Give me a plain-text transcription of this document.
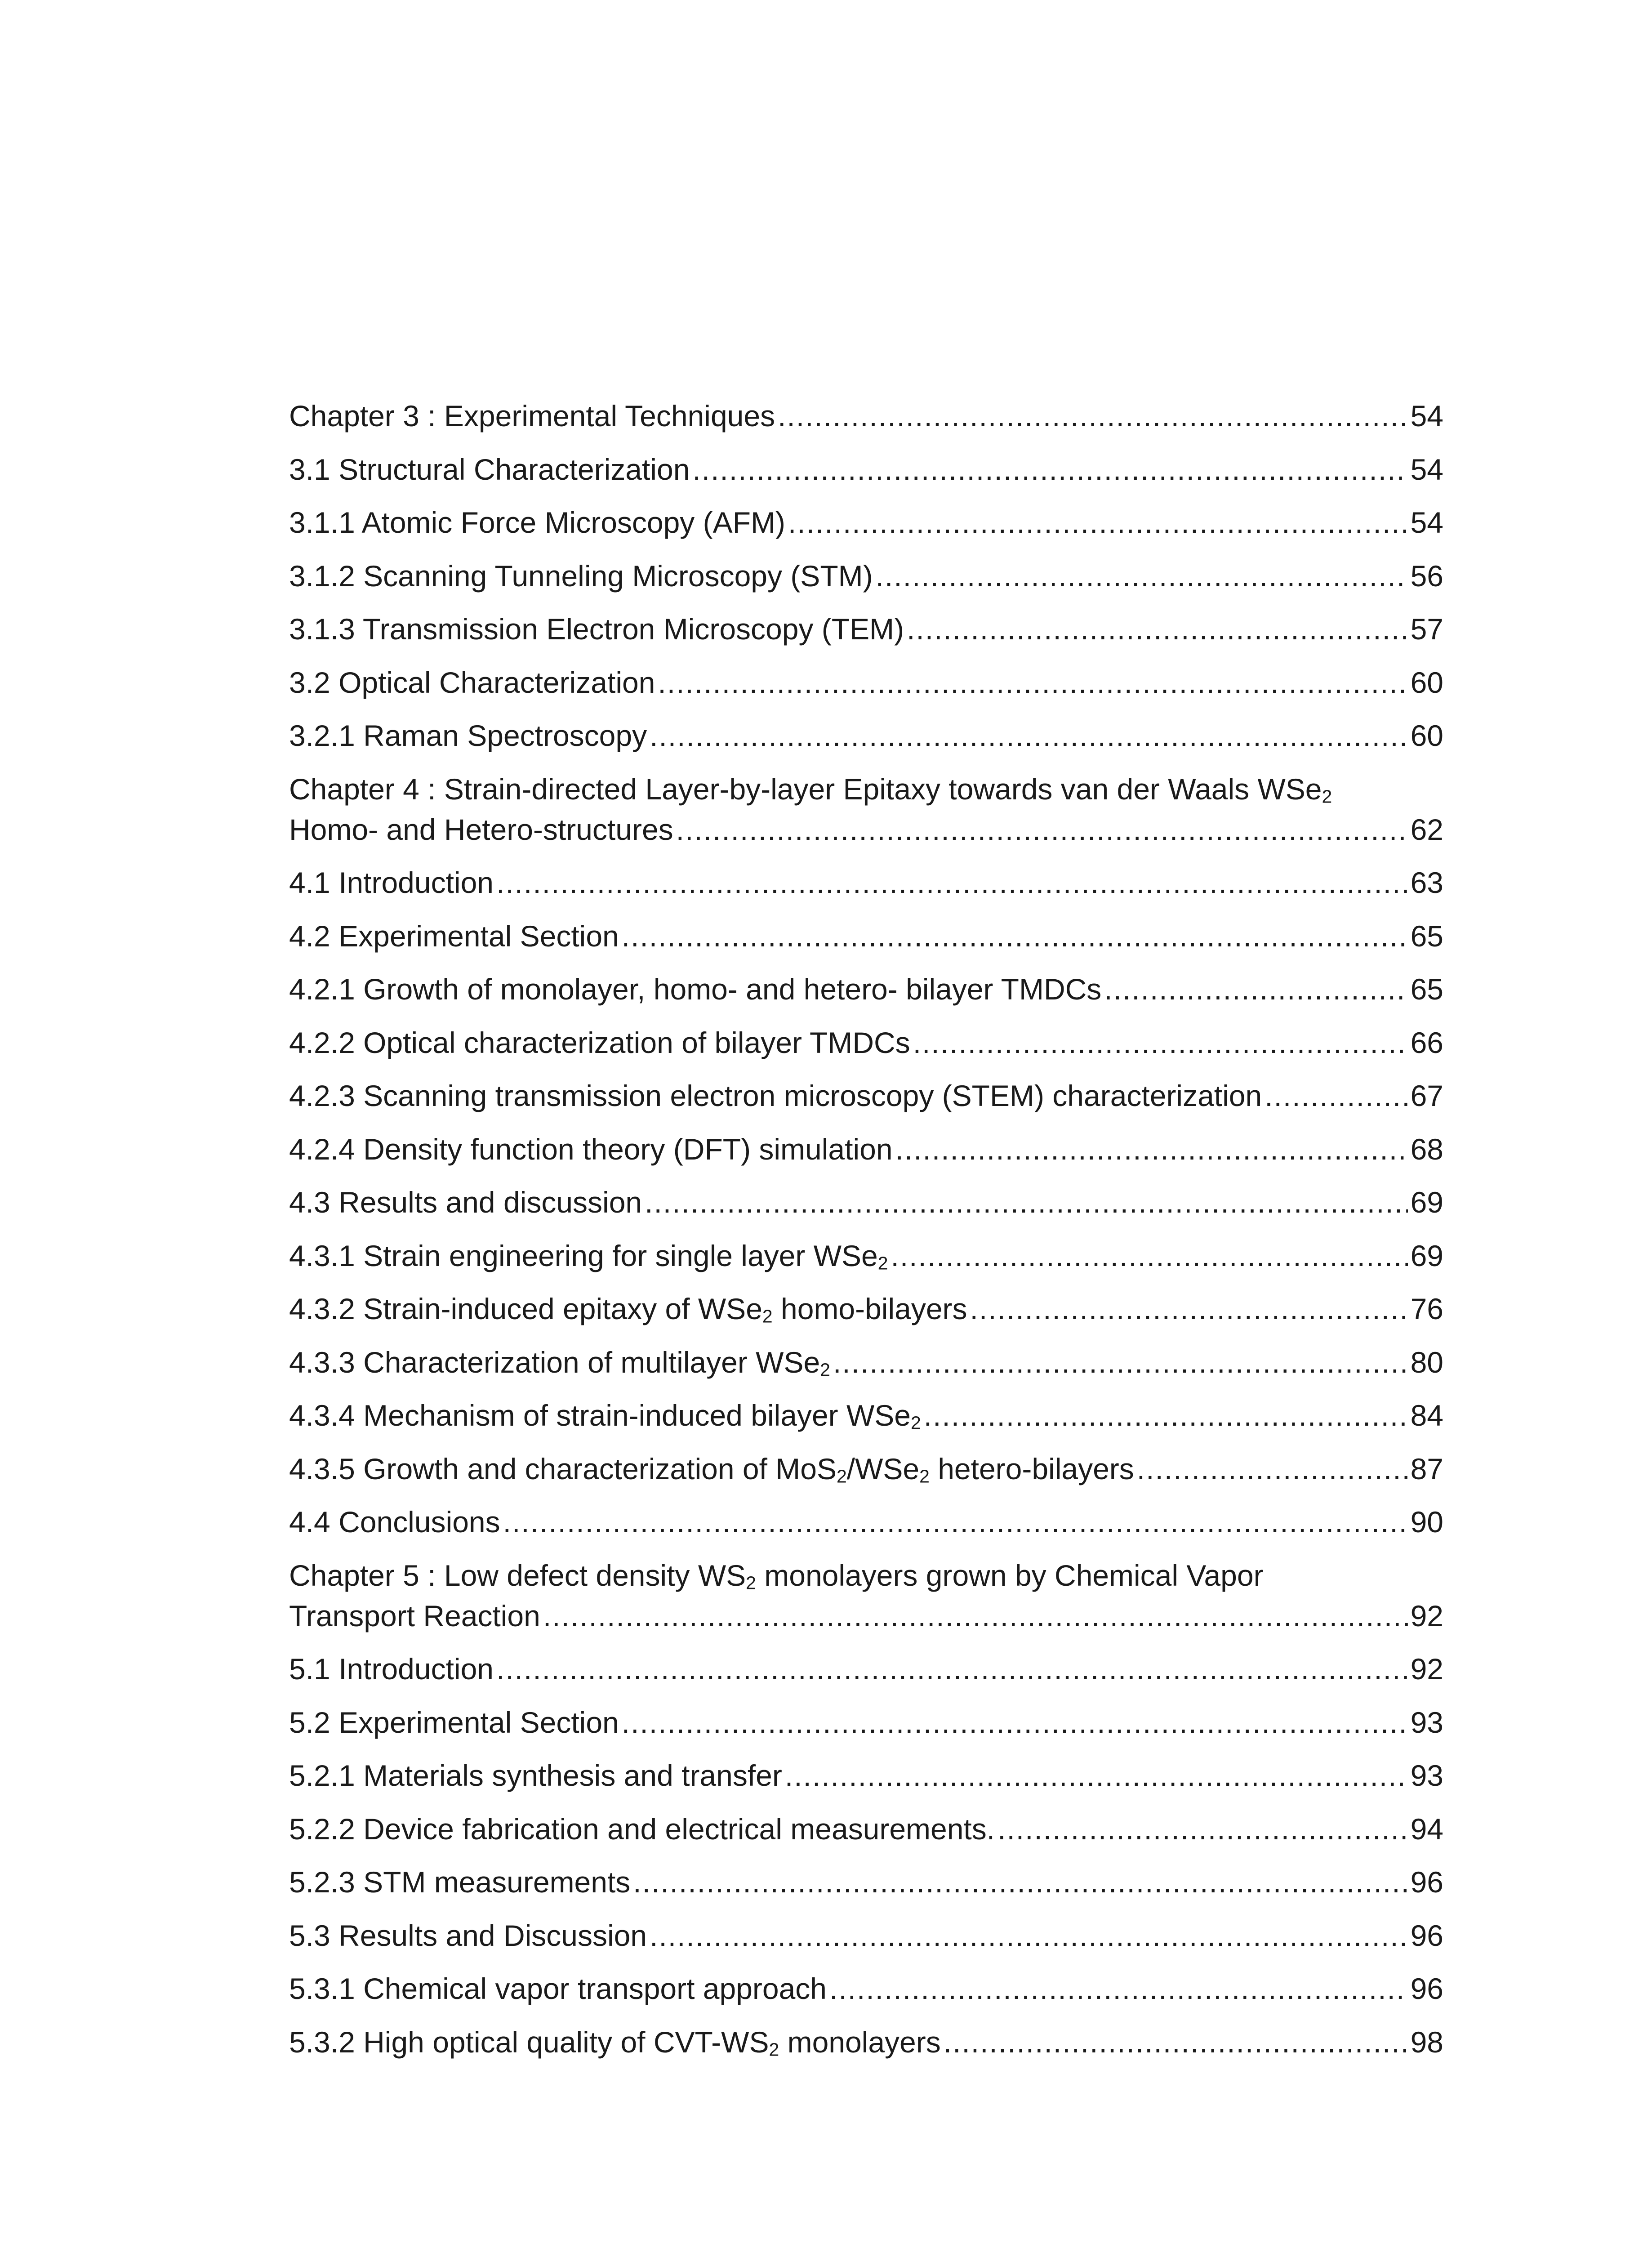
Chapter 3 : Experimental Techniques .....	54
3.1 Structural Characterization .....	54
3.1.1 Atomic Force Microscopy (AFM) .....	54
3.1.2 Scanning Tunneling Microscopy (STM) .....	56
3.1.3 Transmission Electron Microscopy (TEM) .....	57
3.2 Optical Characterization .....	60
3.2.1 Raman Spectroscopy .....	60
Chapter 4 : Strain-directed Layer-by-layer Epitaxy towards van der Waals WSe$_2$
Homo- and Hetero-structures .....	62
4.1 Introduction .....	63
4.2 Experimental Section .....	65
4.2.1 Growth of monolayer, homo- and hetero- bilayer TMDCs .....	65
4.2.2 Optical characterization of bilayer TMDCs .....	66
4.2.3 Scanning transmission electron microscopy (STEM) characterization .....	67
4.2.4 Density function theory (DFT) simulation .....	68
4.3 Results and discussion .....	69
4.3.1 Strain engineering for single layer WSe$_2$ .....	69
4.3.2 Strain-induced epitaxy of WSe$_2$ homo-bilayers .....	76
4.3.3 Characterization of multilayer WSe$_2$ .....	80
4.3.4 Mechanism of strain-induced bilayer WSe$_2$ .....	84
4.3.5 Growth and characterization of MoS$_2$/WSe$_2$ hetero-bilayers .....	87
4.4 Conclusions .....	90
Chapter 5 : Low defect density $WS_2$ monolayers grown by Chemical Vapor
Transport Reaction .....	92
5.1 Introduction .....	92
5.2 Experimental Section .....	93
5.2.1 Materials synthesis and transfer .....	93
5.2.2 Device fabrication and electrical measurements. .....	94
5.2.3 STM measurements .....	96
5.3 Results and Discussion .....	96
5.3.1 Chemical vapor transport approach .....	96
5.3.2 High optical quality of CVT-$WS_2$ monolayers .....	98
